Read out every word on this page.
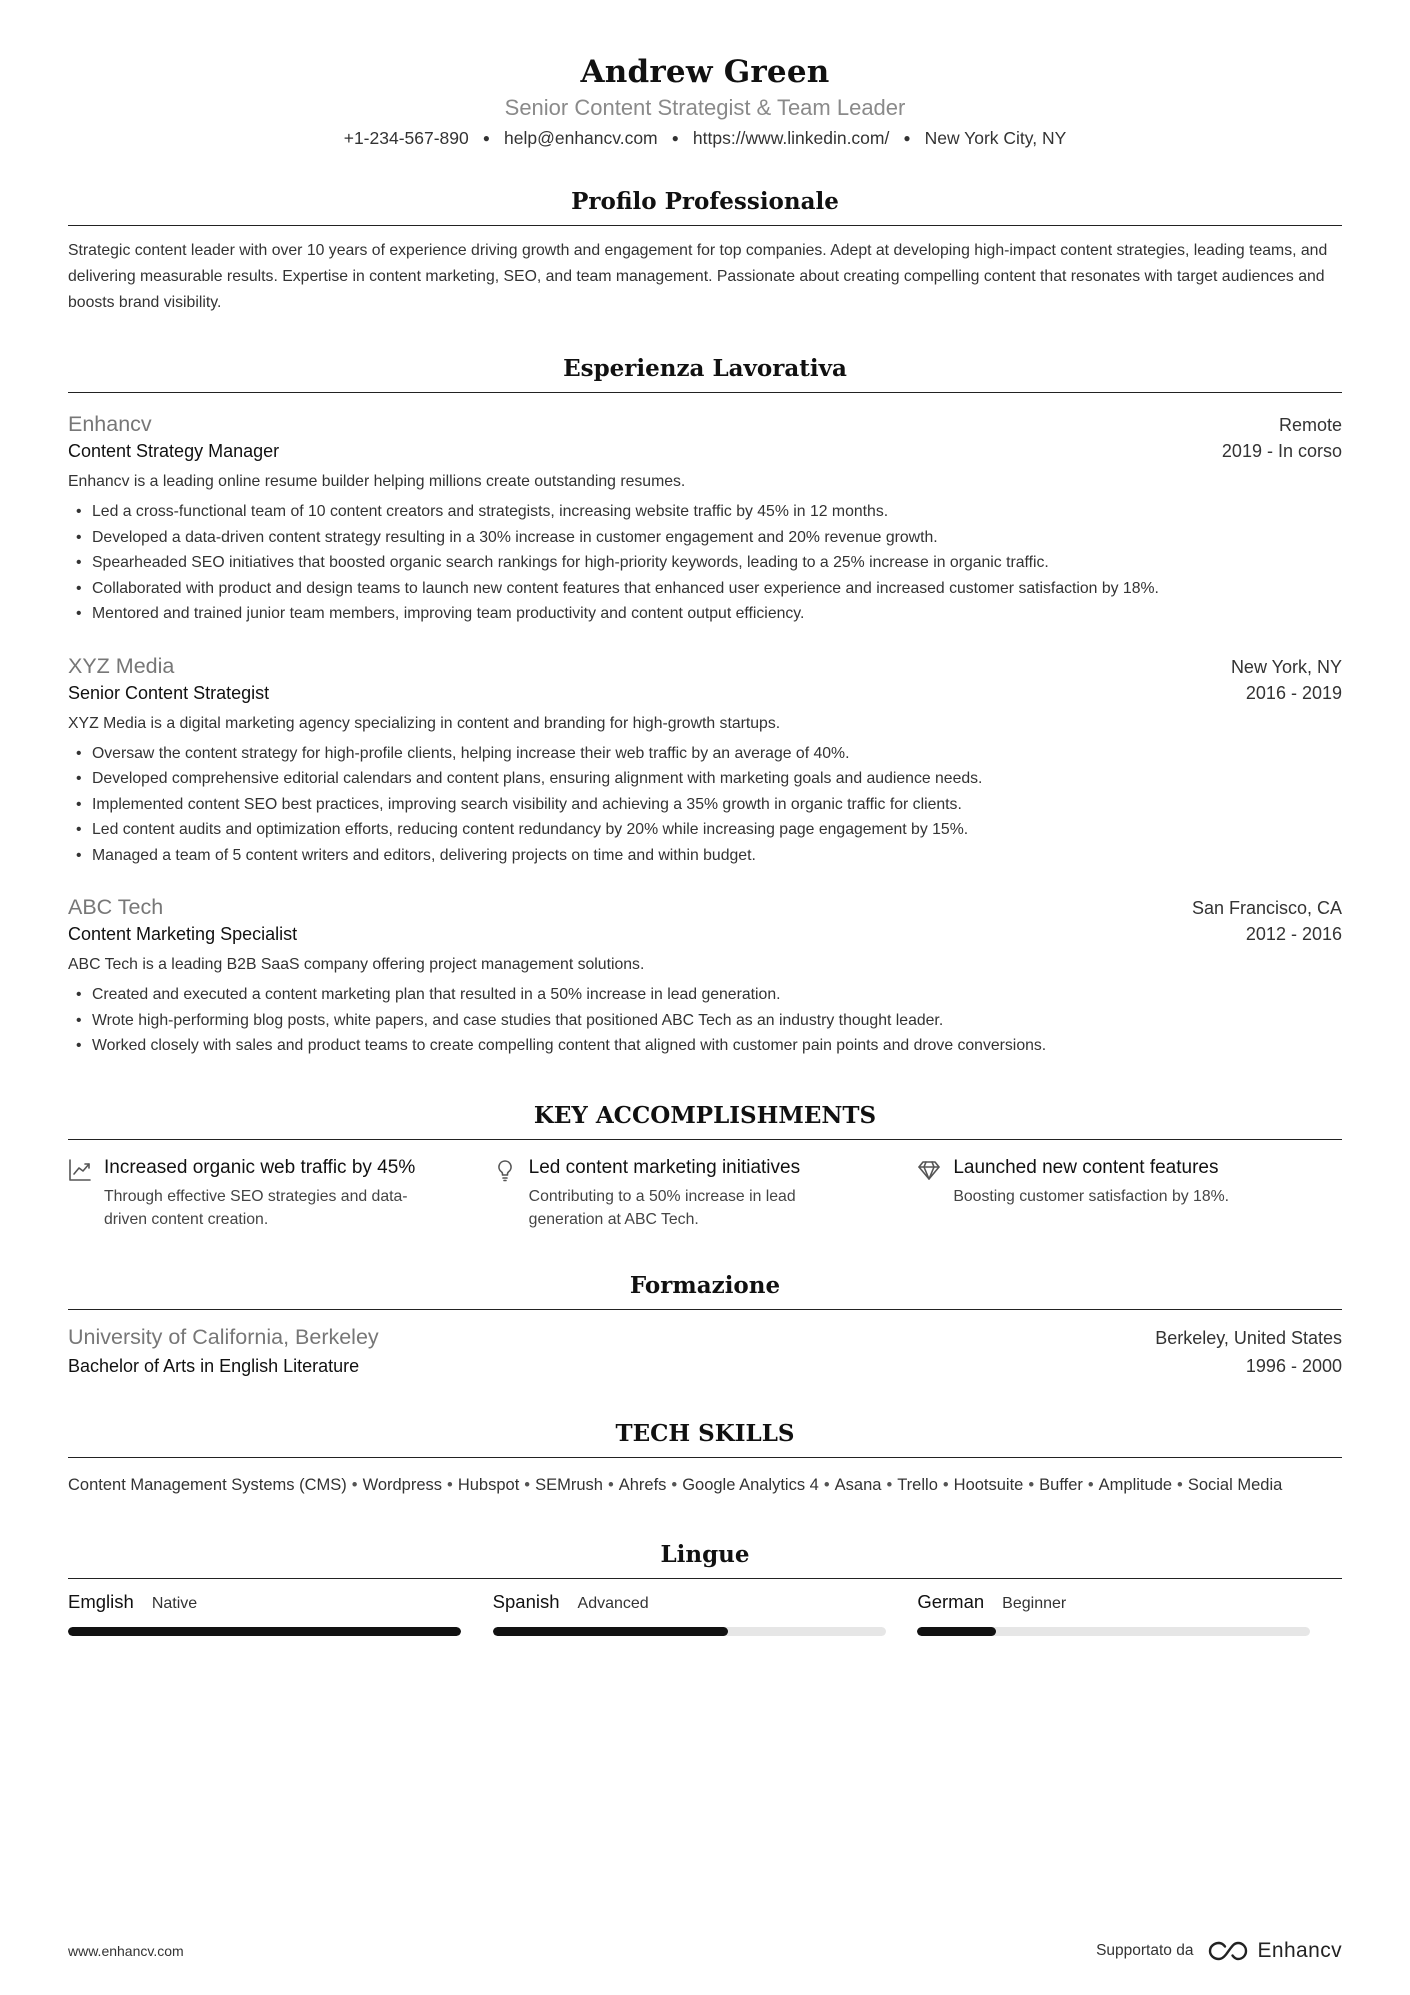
Andrew Green
Senior Content Strategist & Team Leader
+1-234-567-890 ● help@enhancv.com ● https://www.linkedin.com/ ● New York City, NY
Profilo Professionale
Strategic content leader with over 10 years of experience driving growth and engagement for top companies. Adept at developing high-impact content strategies, leading teams, and delivering measurable results. Expertise in content marketing, SEO, and team management. Passionate about creating compelling content that resonates with target audiences and boosts brand visibility.
Esperienza Lavorativa
Enhancv	Remote
Content Strategy Manager	2019 - In corso
Enhancv is a leading online resume builder helping millions create outstanding resumes.
• Led a cross-functional team of 10 content creators and strategists, increasing website traffic by 45% in 12 months.
• Developed a data-driven content strategy resulting in a 30% increase in customer engagement and 20% revenue growth.
• Spearheaded SEO initiatives that boosted organic search rankings for high-priority keywords, leading to a 25% increase in organic traffic.
• Collaborated with product and design teams to launch new content features that enhanced user experience and increased customer satisfaction by 18%.
• Mentored and trained junior team members, improving team productivity and content output efficiency.
XYZ Media	New York, NY
Senior Content Strategist	2016 - 2019
XYZ Media is a digital marketing agency specializing in content and branding for high-growth startups.
• Oversaw the content strategy for high-profile clients, helping increase their web traffic by an average of 40%.
• Developed comprehensive editorial calendars and content plans, ensuring alignment with marketing goals and audience needs.
• Implemented content SEO best practices, improving search visibility and achieving a 35% growth in organic traffic for clients.
• Led content audits and optimization efforts, reducing content redundancy by 20% while increasing page engagement by 15%.
• Managed a team of 5 content writers and editors, delivering projects on time and within budget.
ABC Tech	San Francisco, CA
Content Marketing Specialist	2012 - 2016
ABC Tech is a leading B2B SaaS company offering project management solutions.
• Created and executed a content marketing plan that resulted in a 50% increase in lead generation.
• Wrote high-performing blog posts, white papers, and case studies that positioned ABC Tech as an industry thought leader.
• Worked closely with sales and product teams to create compelling content that aligned with customer pain points and drove conversions.
KEY ACCOMPLISHMENTS
Increased organic web traffic by 45%
Through effective SEO strategies and data-driven content creation.
Led content marketing initiatives
Contributing to a 50% increase in lead generation at ABC Tech.
Launched new content features
Boosting customer satisfaction by 18%.
Formazione
University of California, Berkeley	Berkeley, United States
Bachelor of Arts in English Literature	1996 - 2000
TECH SKILLS
Content Management Systems (CMS) • Wordpress • Hubspot • SEMrush • Ahrefs • Google Analytics 4 • Asana • Trello • Hootsuite • Buffer • Amplitude • Social Media
Lingue
Emglish Native	Spanish Advanced	German Beginner
www.enhancv.com	Supportato da	Enhancv
